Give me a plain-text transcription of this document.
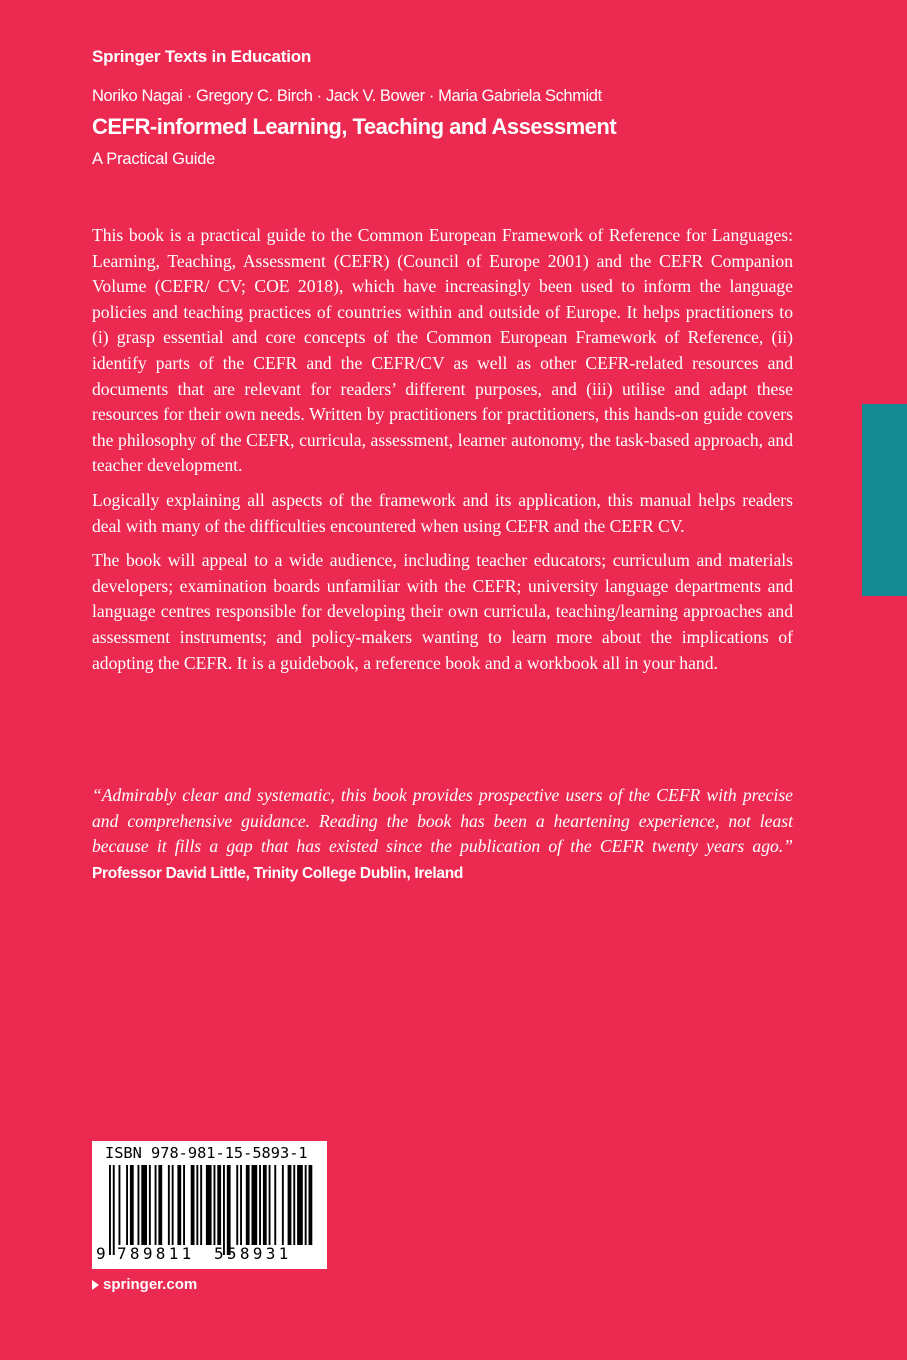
Springer Texts in Education
Noriko Nagai · Gregory C. Birch · Jack V. Bower · Maria Gabriela Schmidt
CEFR-informed Learning, Teaching and Assessment
A Practical Guide

This book is a practical guide to the Common European Framework of Reference for Languages: Learning, Teaching, Assessment (CEFR) (Council of Europe 2001) and the CEFR Companion Volume (CEFR/ CV; COE 2018), which have increasingly been used to inform the language policies and teaching practices of countries within and outside of Europe. It helps practitioners to (i) grasp essential and core concepts of the Common European Framework of Reference, (ii) identify parts of the CEFR and the CEFR/CV as well as other CEFR-related resources and documents that are relevant for readers’ different purposes, and (iii) utilise and adapt these resources for their own needs. Written by practitioners for practitioners, this hands-on guide covers the philosophy of the CEFR, curricula, assessment, learner autonomy, the task-based approach, and teacher development.

Logically explaining all aspects of the framework and its application, this manual helps readers deal with many of the difficulties encountered when using CEFR and the CEFR CV.

The book will appeal to a wide audience, including teacher educators; curriculum and materials developers; examination boards unfamiliar with the CEFR; university language departments and language centres responsible for developing their own curricula, teaching/learning approaches and assessment instruments; and policy-makers wanting to learn more about the implications of adopting the CEFR. It is a guidebook, a reference book and a workbook all in your hand.

“Admirably clear and systematic, this book provides prospective users of the CEFR with precise and comprehensive guidance. Reading the book has been a heartening experience, not least because it fills a gap that has existed since the publication of the CEFR twenty years ago.” Professor David Little, Trinity College Dublin, Ireland
ISBN 978-981-15-5893-1
9 789811 558931
springer.com
